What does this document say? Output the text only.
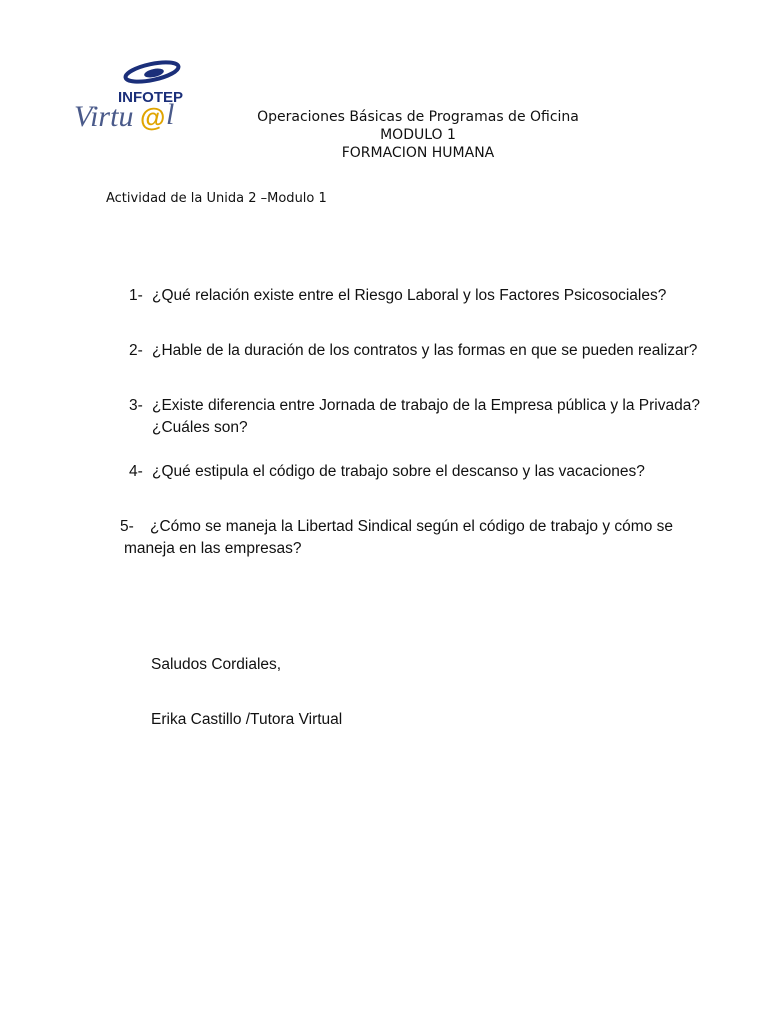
INFOTEP
Virtu @ l	Operaciones Básicas de Programas de Oficina
MODULO 1
FORMACION HUMANA
Actividad de la Unida 2 –Modulo 1
1- ¿Qué relación existe entre el Riesgo Laboral y los Factores Psicosociales?
2- ¿Hable de la duración de los contratos y las formas en que se pueden realizar?
3- ¿Existe diferencia entre Jornada de trabajo de la Empresa pública y la Privada?
¿Cuáles son?
4- ¿Qué estipula el código de trabajo sobre el descanso y las vacaciones?
5- ¿Cómo se maneja la Libertad Sindical según el código de trabajo y cómo se
maneja en las empresas?
Saludos Cordiales,
Erika Castillo /Tutora Virtual
